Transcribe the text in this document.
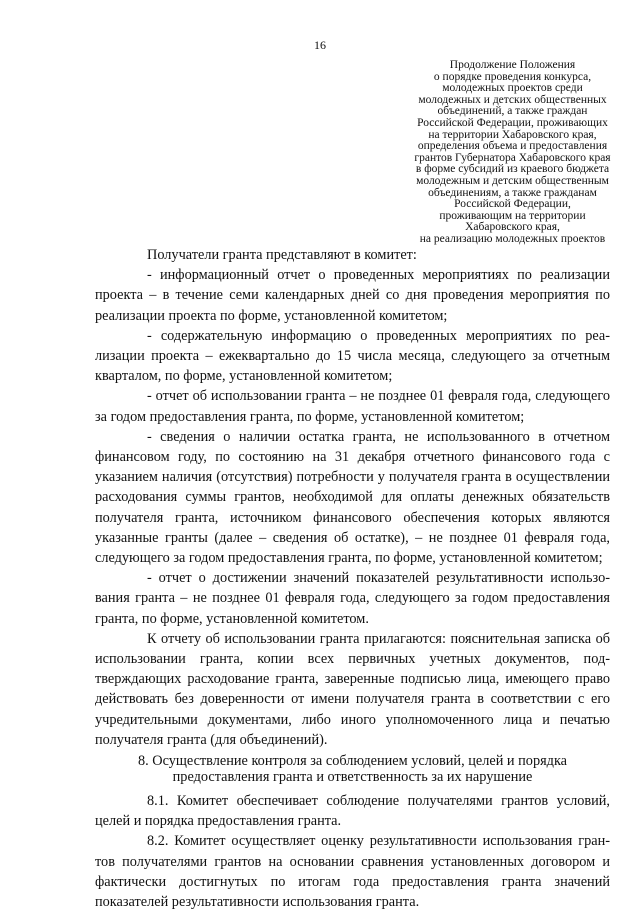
16
Продолжение Положения
о порядке проведения конкурса,
молодежных проектов среди
молодежных и детских общественных
объединений, а также граждан
Российской Федерации, проживающих
на территории Хабаровского края,
определения объема и предоставления
грантов Губернатора Хабаровского края
в форме субсидий из краевого бюджета
молодежным и детским общественным
объединениям, а также гражданам
Российской Федерации,
проживающим на территории
Хабаровского края,
на реализацию молодежных проектов

Получатели гранта представляют в комитет:

- информационный отчет о проведенных мероприятиях по реализации проекта – в течение семи календарных дней со дня проведения мероприятия по реализации проекта по форме, установленной комитетом;

- содержательную информацию о проведенных мероприятиях по реализации проекта – ежеквартально до 15 числа месяца, следующего за отчетным кварталом, по форме, установленной комитетом;

- отчет об использовании гранта – не позднее 01 февраля года, следующего за годом предоставления гранта, по форме, установленной комитетом;

- сведения о наличии остатка гранта, не использованного в отчетном финансовом году, по состоянию на 31 декабря отчетного финансового года с указанием наличия (отсутствия) потребности у получателя гранта в осуществлении расходования суммы грантов, необходимой для оплаты денежных обязательств получателя гранта, источником финансового обеспечения которых являются указанные гранты (далее – сведения об остатке), – не позднее 01 февраля года, следующего за годом предоставления гранта, по форме, установленной комитетом;

- отчет о достижении значений показателей результативности использования гранта – не позднее 01 февраля года, следующего за годом предоставления гранта, по форме, установленной комитетом.

К отчету об использовании гранта прилагаются: пояснительная записка об использовании гранта, копии всех первичных учетных документов, подтверждающих расходование гранта, заверенные подписью лица, имеющего право действовать без доверенности от имени получателя гранта в соответствии с его учредительными документами, либо иного уполномоченного лица и печатью получателя гранта (для объединений).

8. Осуществление контроля за соблюдением условий, целей и порядка
предоставления гранта и ответственность за их нарушение

8.1. Комитет обеспечивает соблюдение получателями грантов условий, целей и порядка предоставления гранта.

8.2. Комитет осуществляет оценку результативности использования грантов получателями грантов на основании сравнения установленных договором и фактически достигнутых по итогам года предоставления гранта значений показателей результативности использования гранта.
